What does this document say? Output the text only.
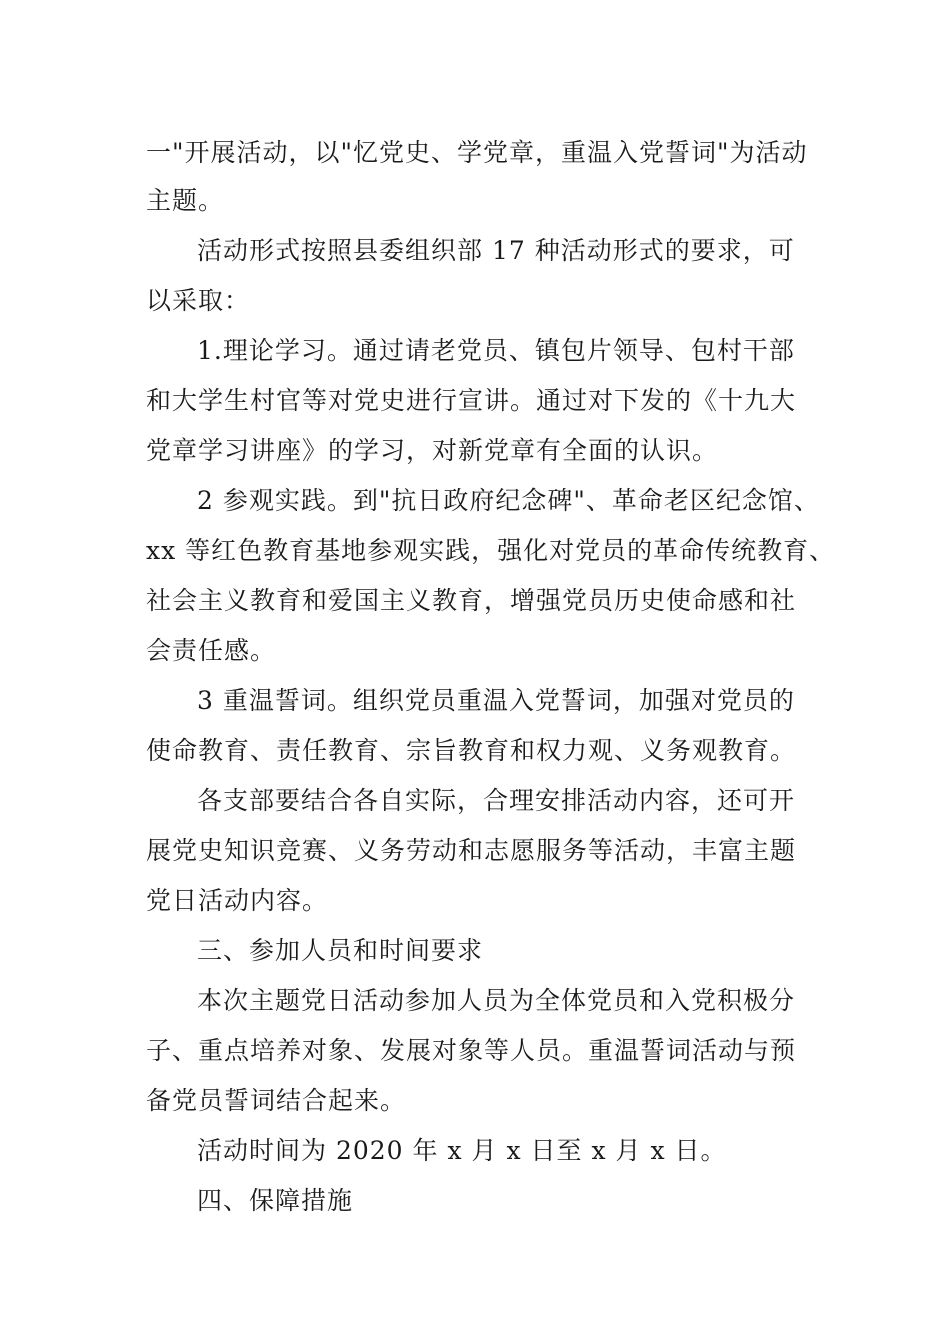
一"开展活动，以"忆党史、学党章，重温入党誓词"为活动

主题。

活动形式按照县委组织部 17 种活动形式的要求，可

以采取：

1.理论学习。通过请老党员、镇包片领导、包村干部

和大学生村官等对党史进行宣讲。通过对下发的《十九大

党章学习讲座》的学习，对新党章有全面的认识。

2 参观实践。到"抗日政府纪念碑"、革命老区纪念馆、

xx 等红色教育基地参观实践，强化对党员的革命传统教育、

社会主义教育和爱国主义教育，增强党员历史使命感和社

会责任感。

3 重温誓词。组织党员重温入党誓词，加强对党员的

使命教育、责任教育、宗旨教育和权力观、义务观教育。

各支部要结合各自实际，合理安排活动内容，还可开

展党史知识竞赛、义务劳动和志愿服务等活动，丰富主题

党日活动内容。

三、参加人员和时间要求

本次主题党日活动参加人员为全体党员和入党积极分

子、重点培养对象、发展对象等人员。重温誓词活动与预

备党员誓词结合起来。

活动时间为 2020 年 x 月 x 日至 x 月 x 日。

四、保障措施
